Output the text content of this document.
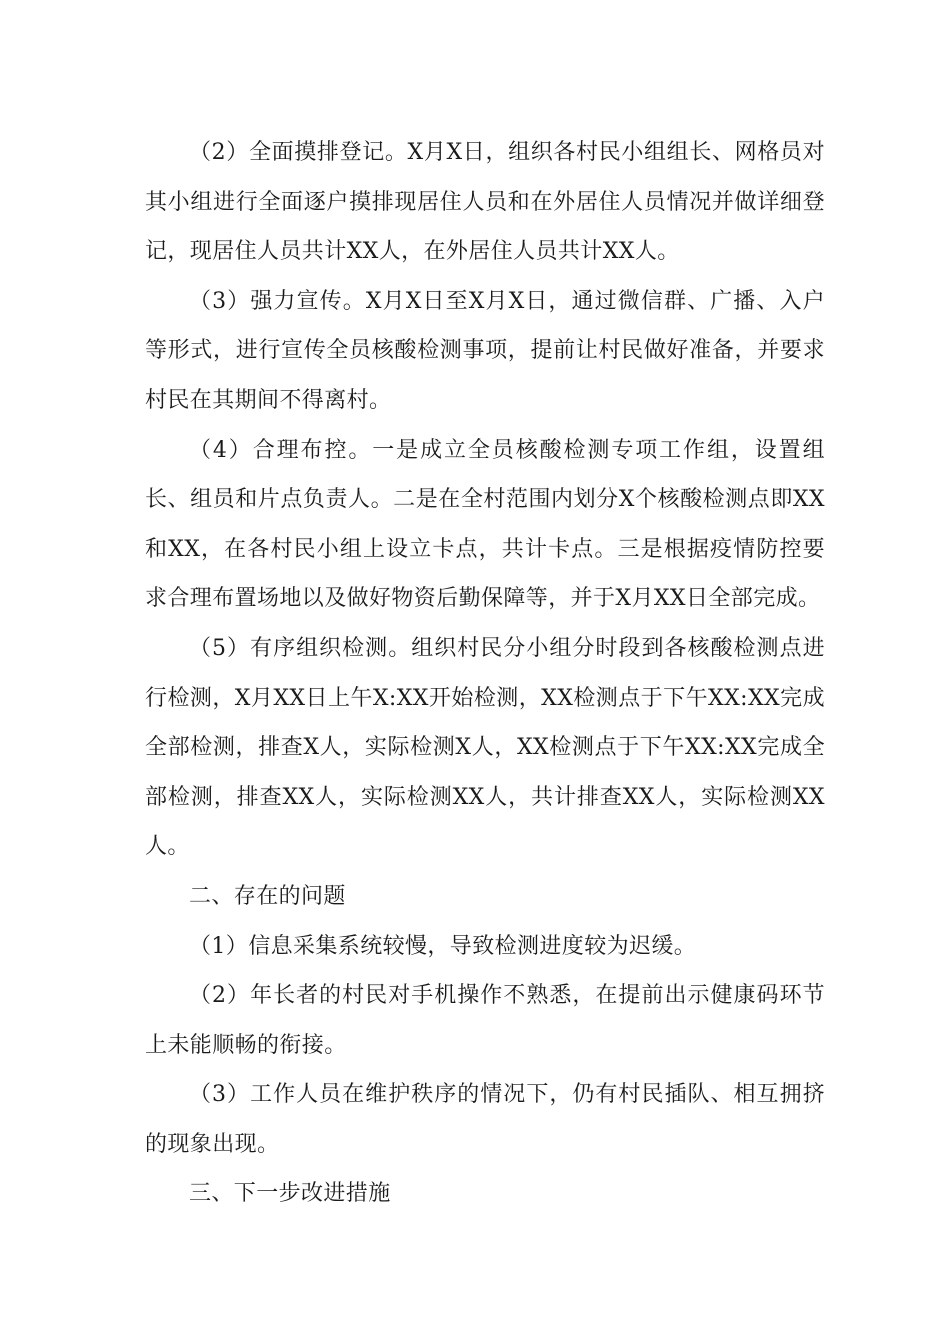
（2）全面摸排登记。X月X日，组织各村民小组组长、网格员对其小组进行全面逐户摸排现居住人员和在外居住人员情况并做详细登记，现居住人员共计XX人，在外居住人员共计XX人。

（3）强力宣传。X月X日至X月X日，通过微信群、广播、入户等形式，进行宣传全员核酸检测事项，提前让村民做好准备，并要求村民在其期间不得离村。

（4）合理布控。一是成立全员核酸检测专项工作组，设置组长、组员和片点负责人。二是在全村范围内划分X个核酸检测点即XX和XX，在各村民小组上设立卡点，共计卡点。三是根据疫情防控要求合理布置场地以及做好物资后勤保障等，并于X月XX日全部完成。

（5）有序组织检测。组织村民分小组分时段到各核酸检测点进行检测，X月XX日上午X:XX开始检测，XX检测点于下午XX:XX完成全部检测，排查X人，实际检测X人，XX检测点于下午XX:XX完成全部检测，排查XX人，实际检测XX人，共计排查XX人，实际检测XX人。

二、存在的问题

（1）信息采集系统较慢，导致检测进度较为迟缓。

（2）年长者的村民对手机操作不熟悉，在提前出示健康码环节上未能顺畅的衔接。

（3）工作人员在维护秩序的情况下，仍有村民插队、相互拥挤的现象出现。

三、下一步改进措施
